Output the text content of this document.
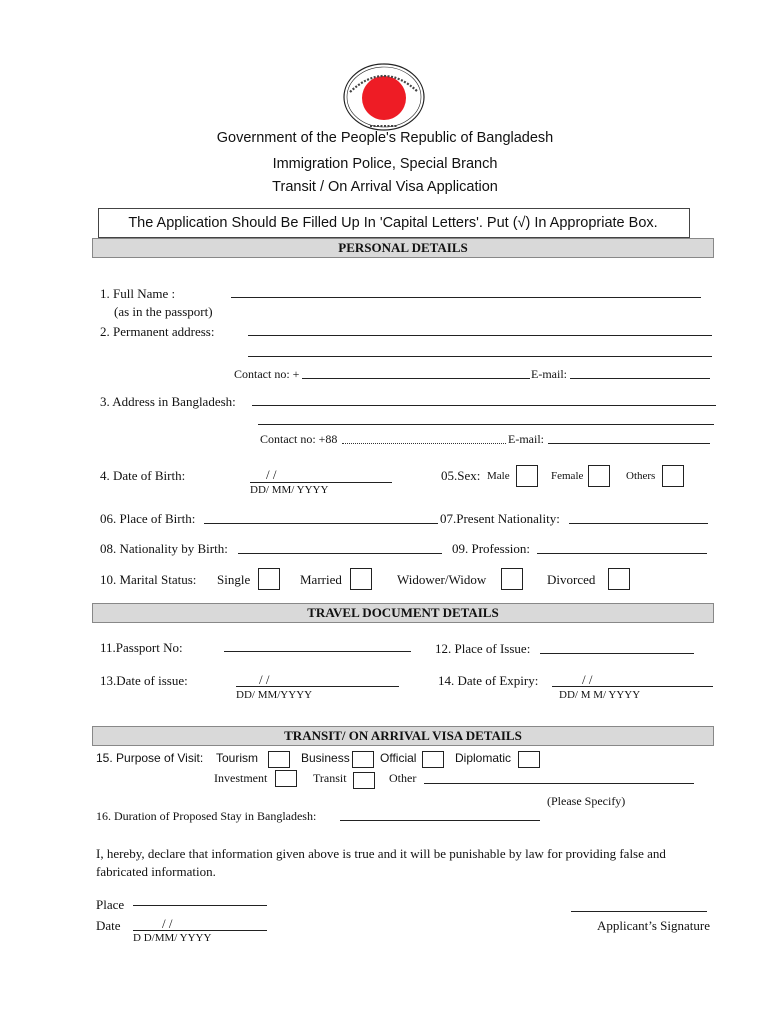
Government of the People's Republic of Bangladesh
Immigration Police, Special Branch
Transit / On Arrival Visa Application
The Application Should Be Filled Up In 'Capital Letters'. Put (√) In Appropriate Box.
PERSONAL DETAILS
1. Full Name :
(as in the passport)
2. Permanent address:
Contact no: +	E-mail:
3. Address in Bangladesh:
Contact no: +88	E-mail:
4. Date of Birth:	/ /
DD/ MM/ YYYY
05.Sex: Male	Female	Others
06. Place of Birth:	07.Present Nationality:
08. Nationality by Birth:	09. Profession:
10. Marital Status: Single	Married	Widower/Widow	Divorced
TRAVEL DOCUMENT DETAILS
11.Passport No:	12. Place of Issue:
13.Date of issue:	/ /
DD/ MM/YYYY
14. Date of Expiry:	/ /
DD/ M M/ YYYY
TRANSIT/ ON ARRIVAL VISA DETAILS
15. Purpose of Visit: Tourism	Business	Official	Diplomatic
Investment	Transit	Other
(Please Specify)
16. Duration of Proposed Stay in Bangladesh:
I, hereby, declare that information given above is true and it will be punishable by law for providing false and
fabricated information.
Place
Date	/ /
D D/MM/ YYYY
Applicant’s Signature
